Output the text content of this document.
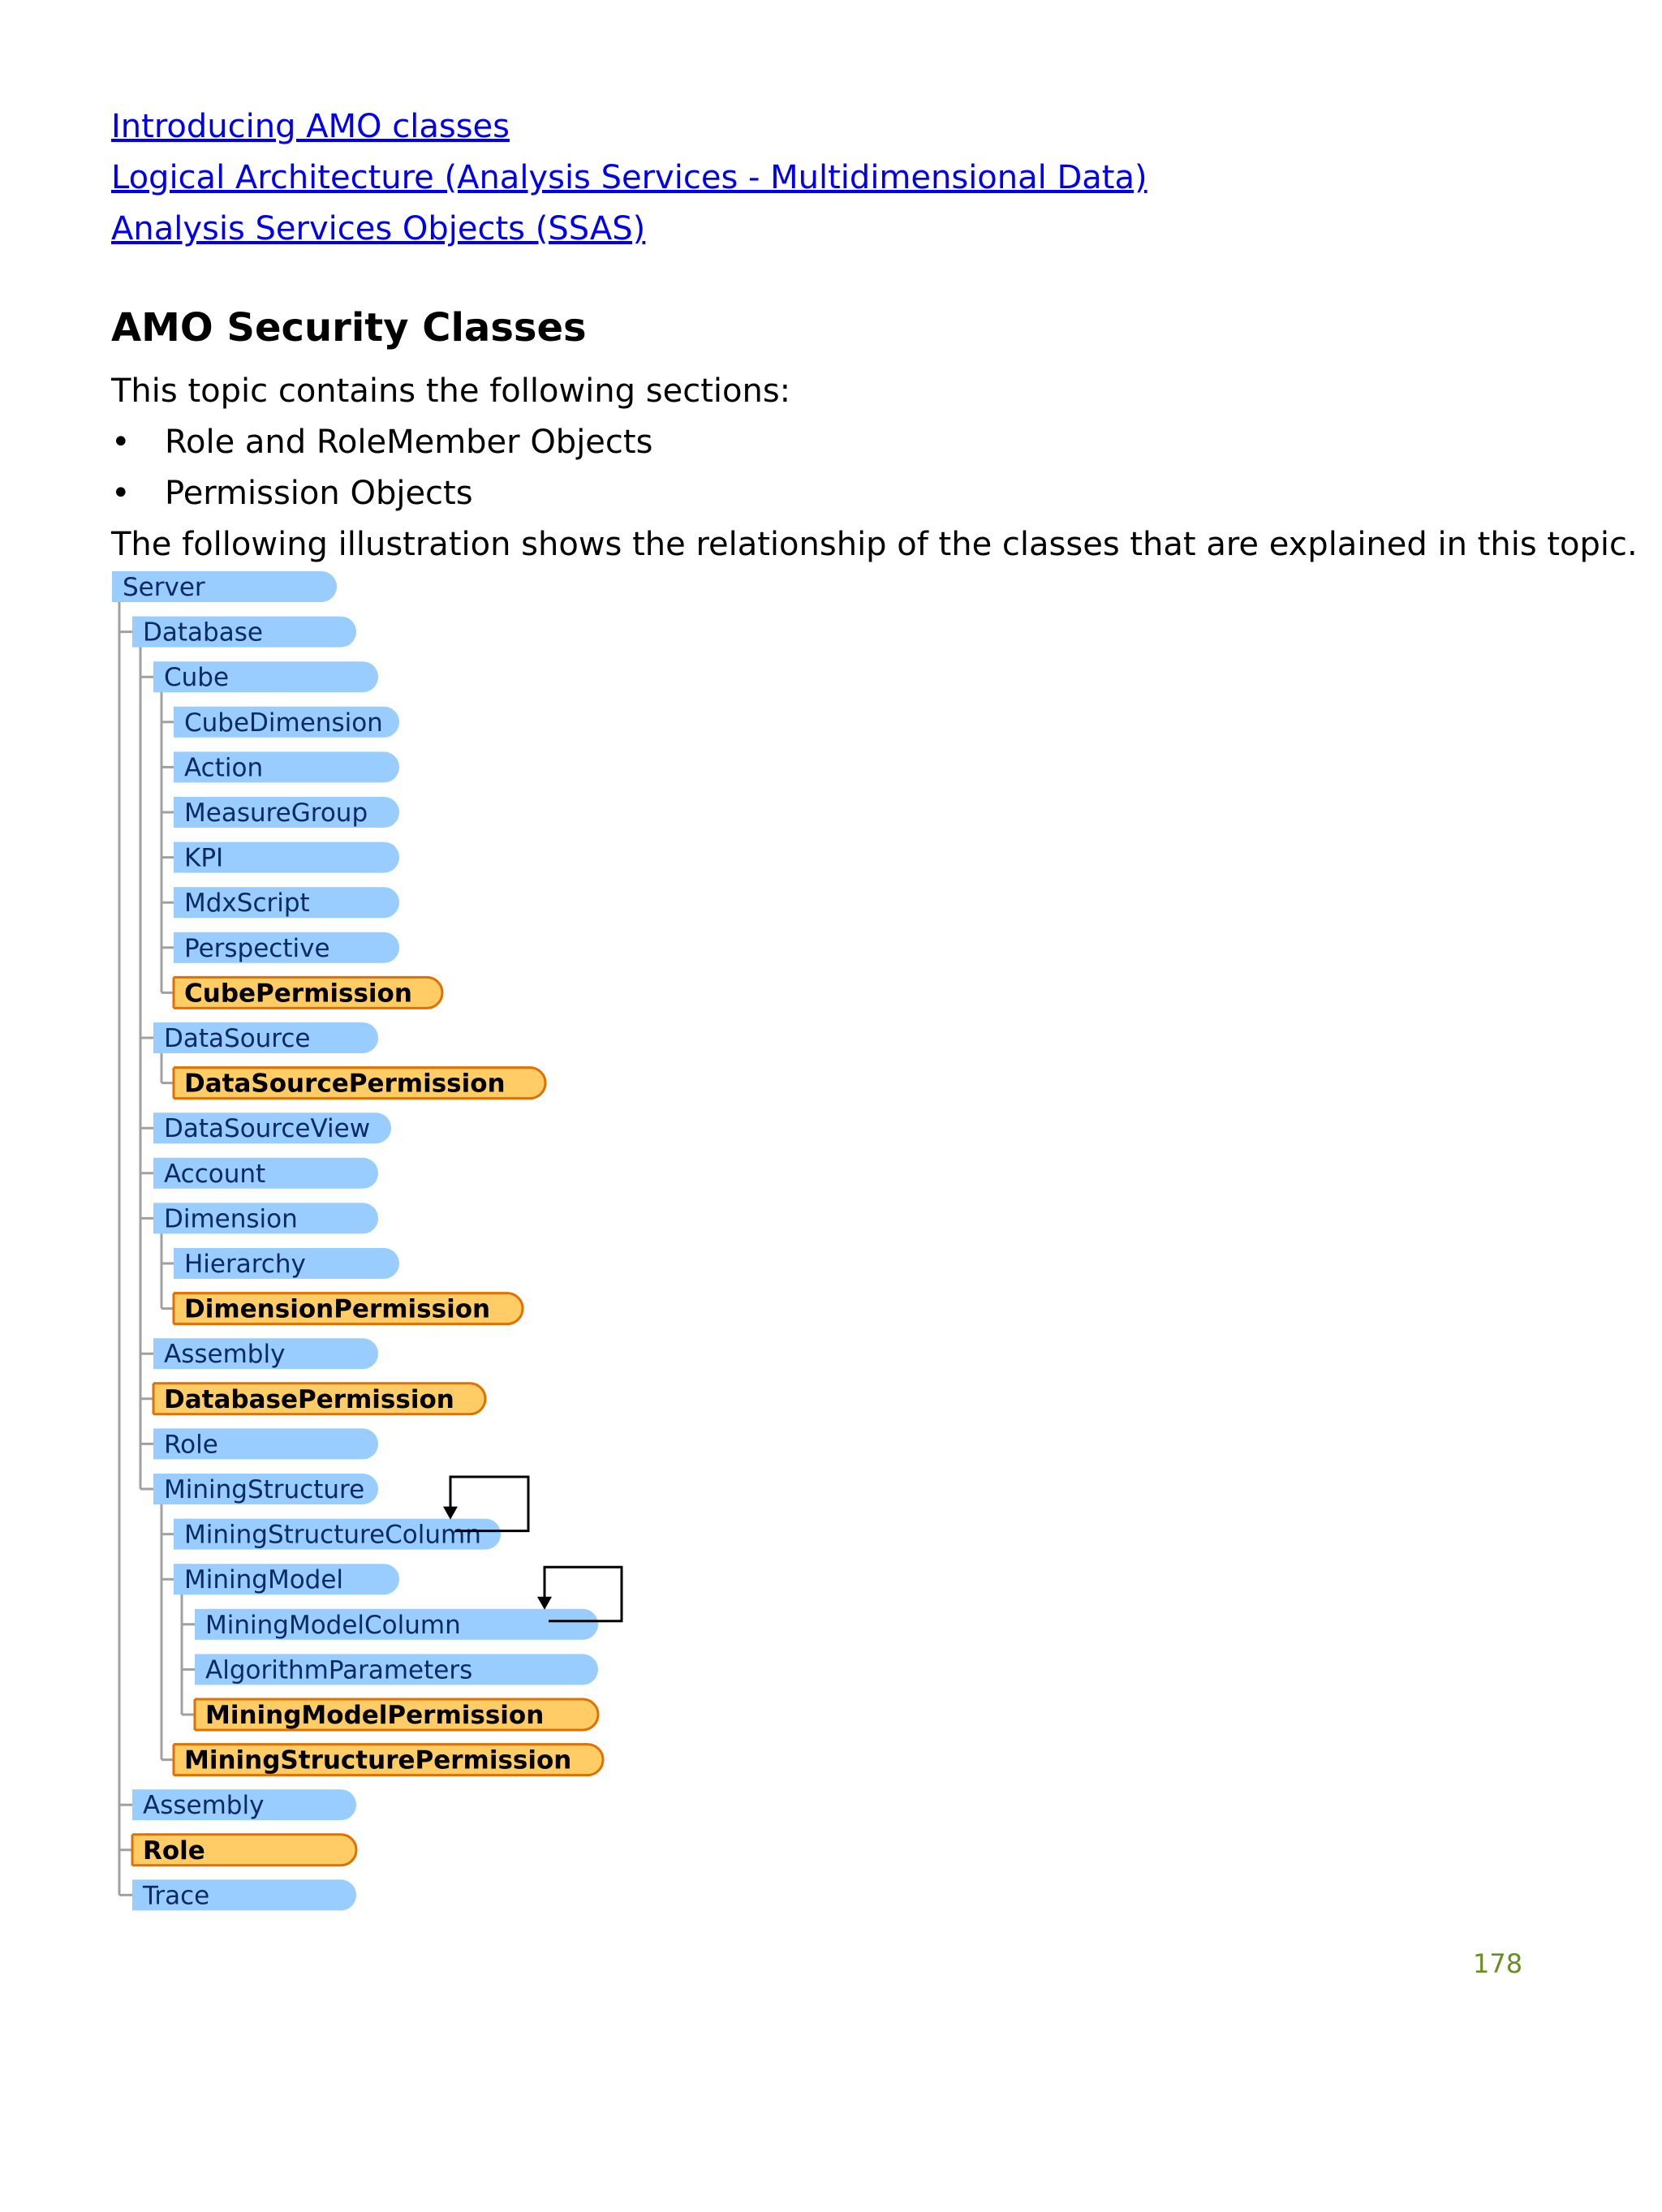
Introducing AMO classes
Logical Architecture (Analysis Services - Multidimensional Data)
Analysis Services Objects (SSAS)
AMO Security Classes
This topic contains the following sections:
• Role and RoleMember Objects
• Permission Objects
The following illustration shows the relationship of the classes that are explained in this topic.
Server
Database
Cube
CubeDimension
Action
MeasureGroup
KPI
MdxScript
Perspective
CubePermission
DataSource
DataSourcePermission
DataSourceView
Account
Dimension
Hierarchy
DimensionPermission
Assembly
DatabasePermission
Role
MiningStructure
MiningStructureColumn
MiningModel
MiningModelColumn
AlgorithmParameters
MiningModelPermission
MiningStructurePermission
Assembly
Role
Trace
178
